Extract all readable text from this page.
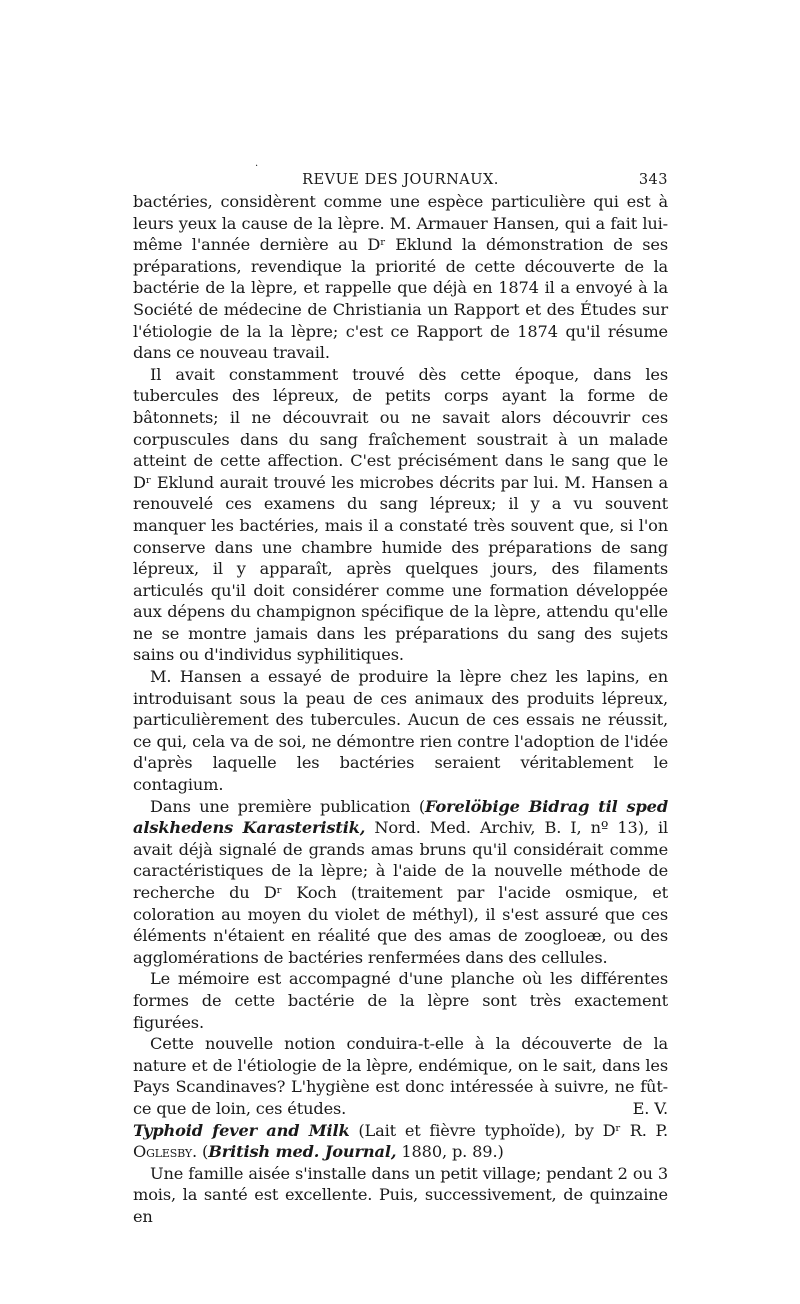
.
REVUE DES JOURNAUX.	343

bactéries, considèrent comme une espèce particulière qui est à leurs yeux la cause de la lèpre. M. Armauer Hansen, qui a fait lui-même l'année dernière au Dʳ Eklund la démonstration de ses préparations, revendique la priorité de cette découverte de la bactérie de la lèpre, et rappelle que déjà en 1874 il a envoyé à la Société de médecine de Christiania un Rapport et des Études sur l'étiologie de la la lèpre; c'est ce Rapport de 1874 qu'il résume dans ce nouveau travail.

Il avait constamment trouvé dès cette époque, dans les tubercules des lépreux, de petits corps ayant la forme de bâtonnets; il ne découvrait ou ne savait alors découvrir ces corpuscules dans du sang fraîchement soustrait à un malade atteint de cette affection. C'est précisément dans le sang que le Dʳ Eklund aurait trouvé les microbes décrits par lui. M. Hansen a renouvelé ces examens du sang lépreux; il y a vu souvent manquer les bactéries, mais il a constaté très souvent que, si l'on conserve dans une chambre humide des préparations de sang lépreux, il y apparaît, après quelques jours, des filaments articulés qu'il doit considérer comme une formation développée aux dépens du champignon spécifique de la lèpre, attendu qu'elle ne se montre jamais dans les préparations du sang des sujets sains ou d'individus syphilitiques.

M. Hansen a essayé de produire la lèpre chez les lapins, en introduisant sous la peau de ces animaux des produits lépreux, particulièrement des tubercules. Aucun de ces essais ne réussit, ce qui, cela va de soi, ne démontre rien contre l'adoption de l'idée d'après laquelle les bactéries seraient véritablement le contagium.

Dans une première publication (Forelöbige Bidrag til sped alskhedens Karasteristik, Nord. Med. Archiv, B. I, nº 13), il avait déjà signalé de grands amas bruns qu'il considérait comme caractéristiques de la lèpre; à l'aide de la nouvelle méthode de recherche du Dʳ Koch (traitement par l'acide osmique, et coloration au moyen du violet de méthyl), il s'est assuré que ces éléments n'étaient en réalité que des amas de zoogloeæ, ou des agglomérations de bactéries renfermées dans des cellules.

Le mémoire est accompagné d'une planche où les différentes formes de cette bactérie de la lèpre sont très exactement figurées.

Cette nouvelle notion conduira-t-elle à la découverte de la nature et de l'étiologie de la lèpre, endémique, on le sait, dans les Pays Scandinaves? L'hygiène est donc intéressée à suivre, ne fût-ce que de loin, ces études.	E. V.

Typhoid fever and Milk (Lait et fièvre typhoïde), by Dʳ R. P. Oglesby. (British med. Journal, 1880, p. 89.)

Une famille aisée s'installe dans un petit village; pendant 2 ou 3 mois, la santé est excellente. Puis, successivement, de quinzaine en
